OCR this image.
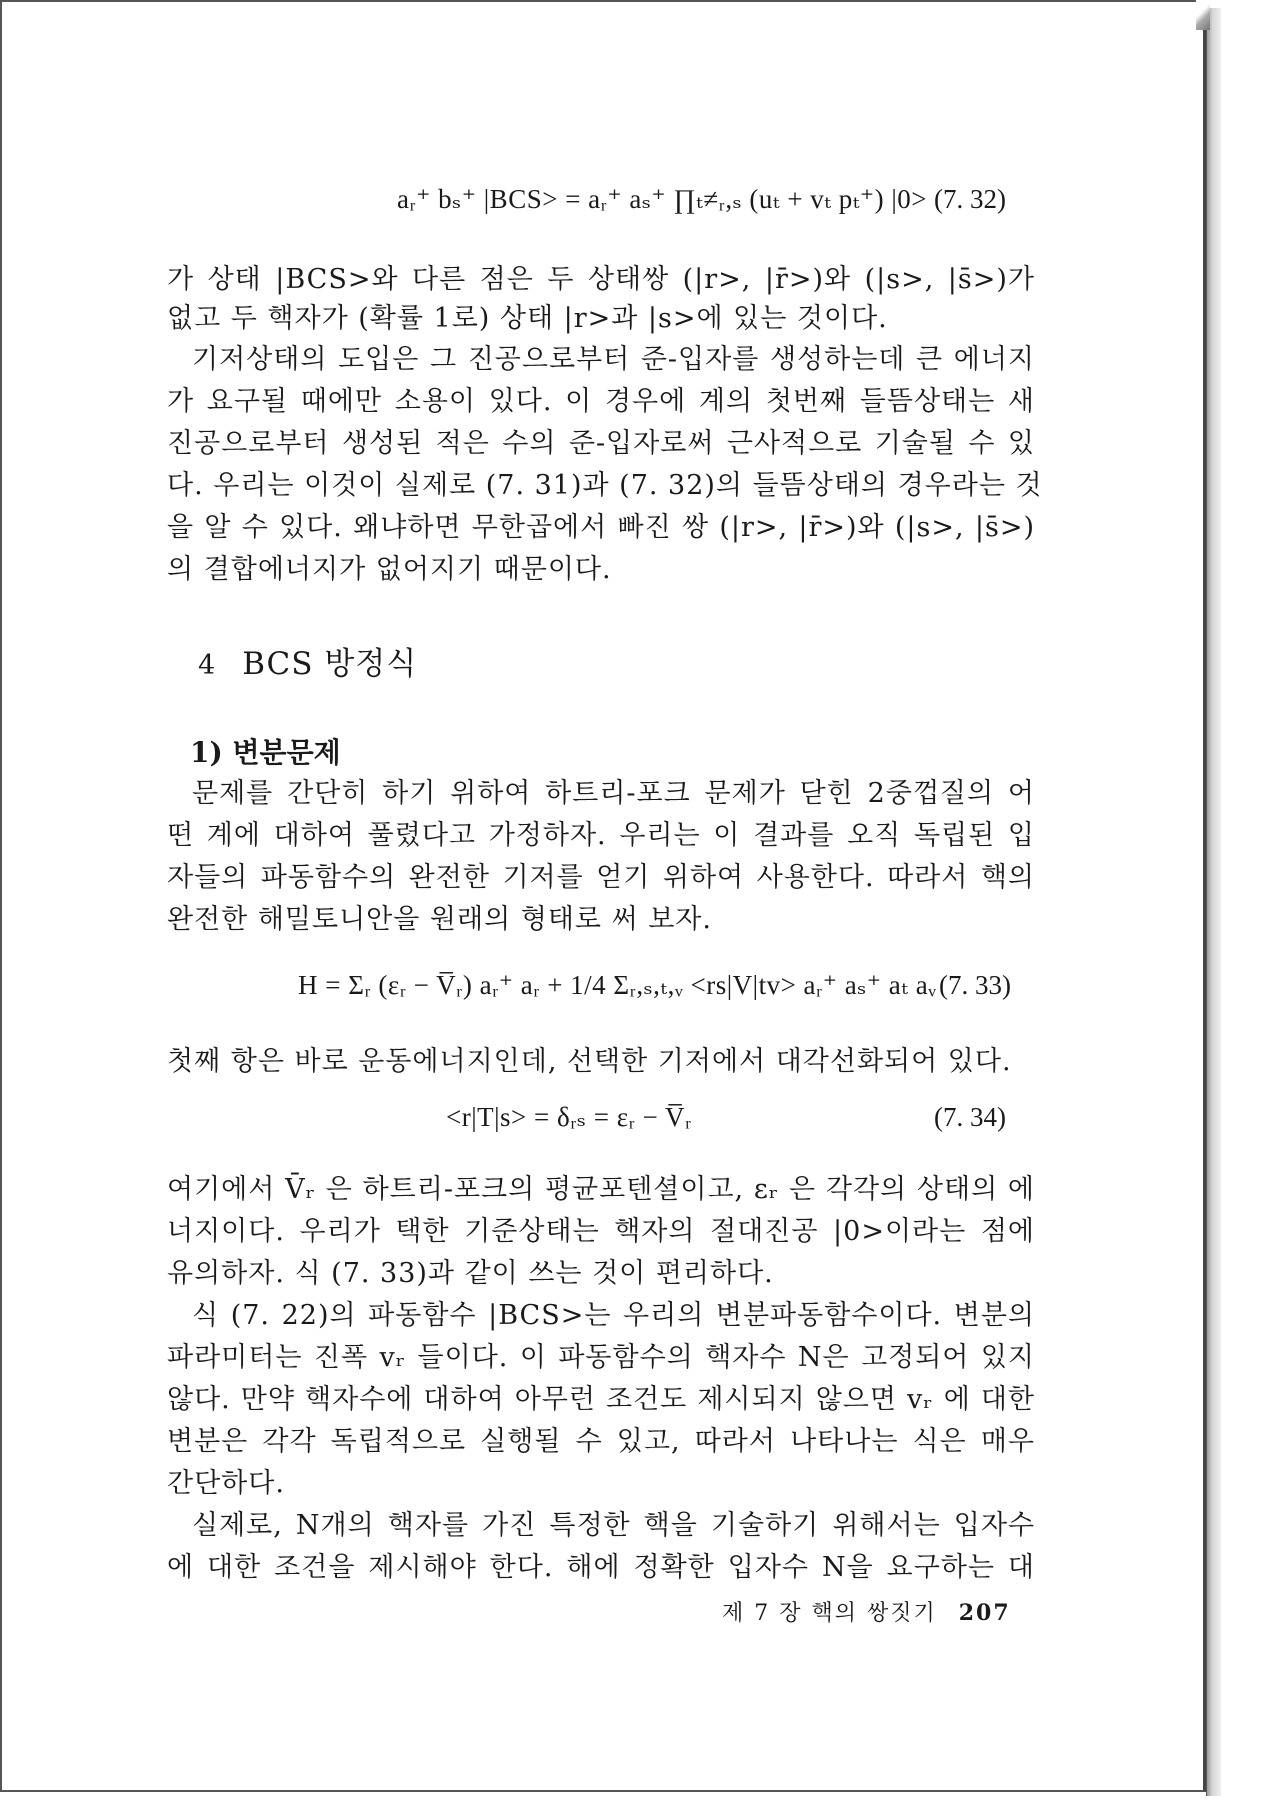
aᵣ⁺ bₛ⁺ |BCS> = aᵣ⁺ aₛ⁺ ∏ₜ≠ᵣ,ₛ (uₜ + vₜ pₜ⁺) |0> (7. 32)
가 상태 |BCS>와 다른 점은 두 상태쌍 (|r>, |r̄>)와 (|s>, |s̄>)가
없고 두 핵자가 (확률 1로) 상태 |r>과 |s>에 있는 것이다.
기저상태의 도입은 그 진공으로부터 준-입자를 생성하는데 큰 에너지
가 요구될 때에만 소용이 있다. 이 경우에 계의 첫번째 들뜸상태는 새
진공으로부터 생성된 적은 수의 준-입자로써 근사적으로 기술될 수 있
다. 우리는 이것이 실제로 (7. 31)과 (7. 32)의 들뜸상태의 경우라는 것
을 알 수 있다. 왜냐하면 무한곱에서 빠진 쌍 (|r>, |r̄>)와 (|s>, |s̄>)
의 결합에너지가 없어지기 때문이다.
4 BCS 방정식
1) 변분문제
문제를 간단히 하기 위하여 하트리-포크 문제가 닫힌 2중껍질의 어
떤 계에 대하여 풀렸다고 가정하자. 우리는 이 결과를 오직 독립된 입
자들의 파동함수의 완전한 기저를 얻기 위하여 사용한다. 따라서 핵의
완전한 해밀토니안을 원래의 형태로 써 보자.
H = Σᵣ (εᵣ − V̅ᵣ) aᵣ⁺ aᵣ + 1/4 Σᵣ,ₛ,ₜ,ᵥ <rs|V|tv> aᵣ⁺ aₛ⁺ aₜ aᵥ (7. 33)
첫째 항은 바로 운동에너지인데, 선택한 기저에서 대각선화되어 있다.
<r|T|s> = δᵣₛ = εᵣ − V̅ᵣ	(7. 34)
여기에서 V̄ᵣ 은 하트리-포크의 평균포텐셜이고, εᵣ 은 각각의 상태의 에
너지이다. 우리가 택한 기준상태는 핵자의 절대진공 |0>이라는 점에
유의하자. 식 (7. 33)과 같이 쓰는 것이 편리하다.
식 (7. 22)의 파동함수 |BCS>는 우리의 변분파동함수이다. 변분의
파라미터는 진폭 vᵣ 들이다. 이 파동함수의 핵자수 N은 고정되어 있지
않다. 만약 핵자수에 대하여 아무런 조건도 제시되지 않으면 vᵣ 에 대한
변분은 각각 독립적으로 실행될 수 있고, 따라서 나타나는 식은 매우
간단하다.
실제로, N개의 핵자를 가진 특정한 핵을 기술하기 위해서는 입자수
에 대한 조건을 제시해야 한다. 해에 정확한 입자수 N을 요구하는 대
제 7 장 핵의 쌍짓기 207
